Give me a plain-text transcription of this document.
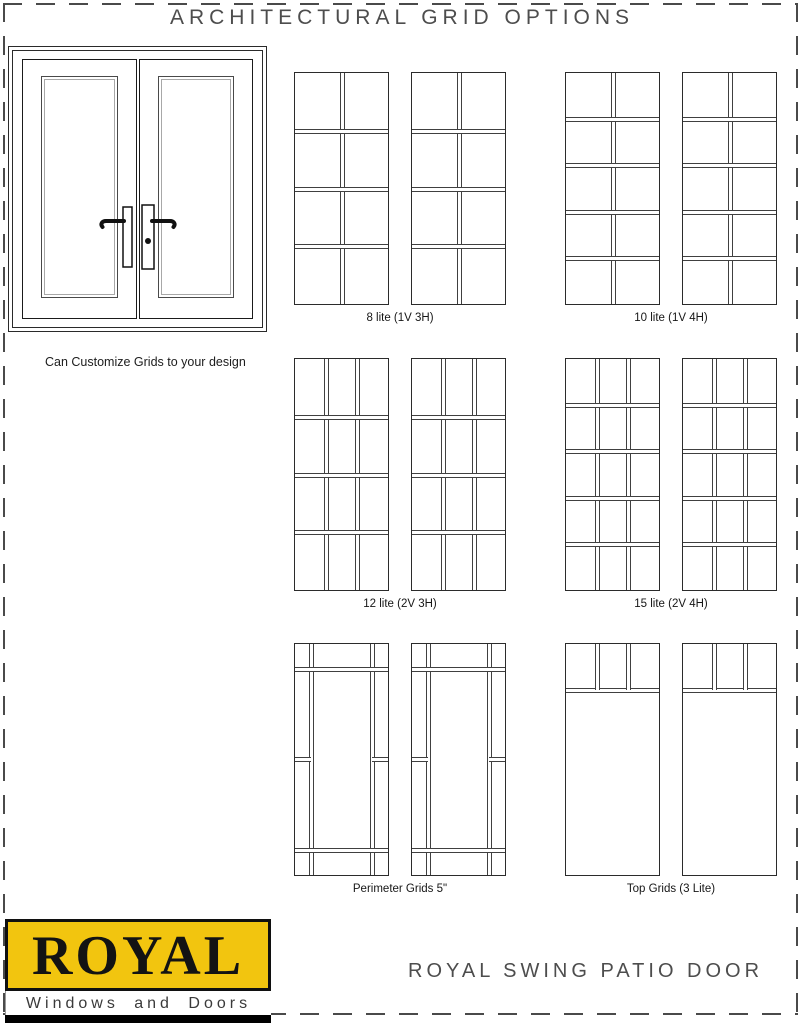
ARCHITECTURAL GRID OPTIONS
Can Customize Grids to your design
8 lite (1V 3H)	10 lite (1V 4H)
12 lite (2V 3H)	15 lite (2V 4H)
Perimeter Grids 5"	Top Grids (3 Lite)
ROYAL
Windows and Doors
ROYAL SWING PATIO DOOR
